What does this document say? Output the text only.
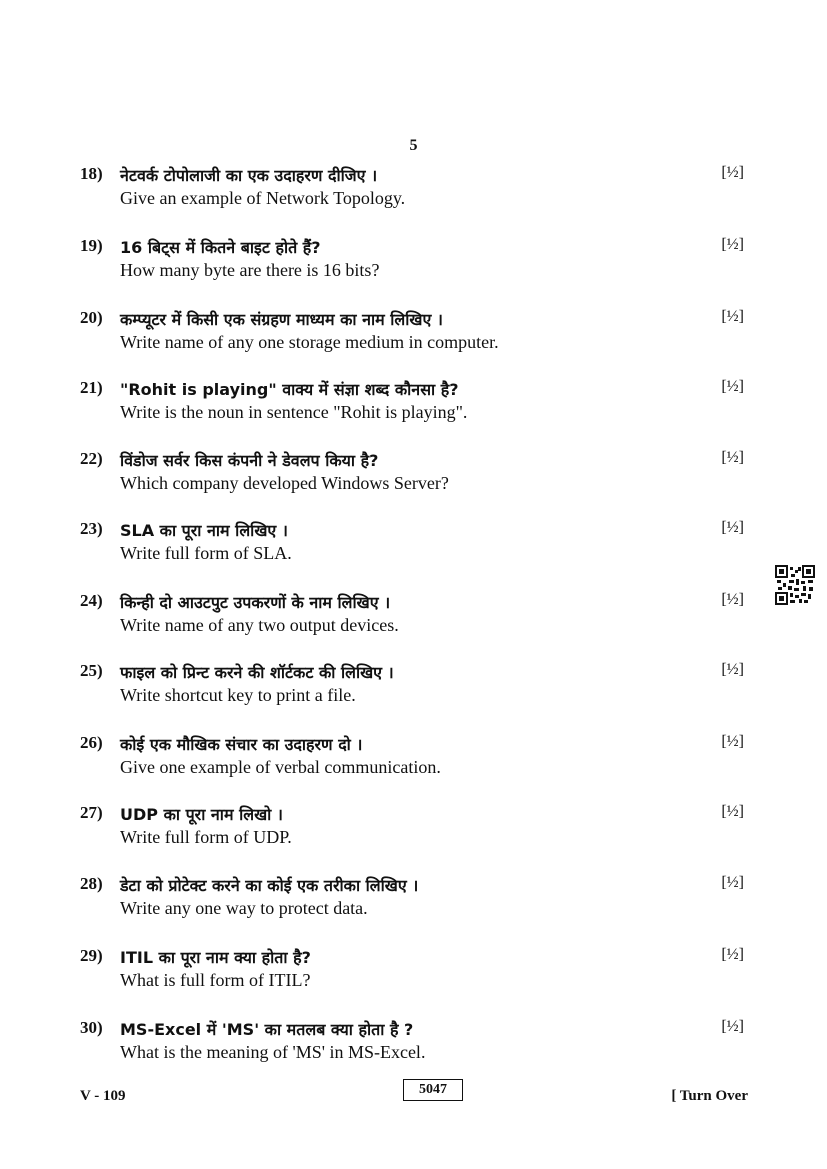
5
18) नेटवर्क टोपोलाजी का एक उदाहरण दीजिए ।
Give an example of Network Topology.
[½]
19) 16 बिट्स में कितने बाइट होते हैं?
How many byte are there is 16 bits?
[½]
20) कम्प्यूटर में किसी एक संग्रहण माध्यम का नाम लिखिए ।
Write name of any one storage medium in computer.
[½]
21) "Rohit is playing" वाक्य में संज्ञा शब्द कौनसा है?
Write is the noun in sentence "Rohit is playing".
[½]
22) विंडोज सर्वर किस कंपनी ने डेवलप किया है?
Which company developed Windows Server?
[½]
23) SLA का पूरा नाम लिखिए ।
Write full form of SLA.
[½]
24) किन्ही दो आउटपुट उपकरणों के नाम लिखिए ।
Write name of any two output devices.
[½]
25) फाइल को प्रिन्ट करने की शॉर्टकट की लिखिए ।
Write shortcut key to print a file.
[½]
26) कोई एक मौखिक संचार का उदाहरण दो ।
Give one example of verbal communication.
[½]
27) UDP का पूरा नाम लिखो ।
Write full form of UDP.
[½]
28) डेटा को प्रोटेक्ट करने का कोई एक तरीका लिखिए ।
Write any one way to protect data.
[½]
29) ITIL का पूरा नाम क्या होता है?
What is full form of ITIL?
[½]
30) MS-Excel में 'MS' का मतलब क्या होता है ?
What is the meaning of 'MS' in MS-Excel.
[½]
V - 109	5047	[ Turn Over
